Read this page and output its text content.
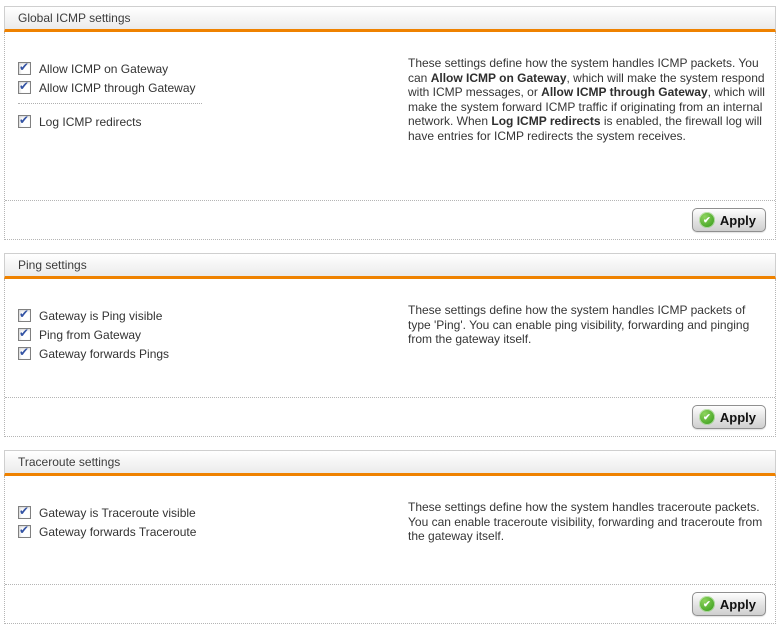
Global ICMP settings
✔ Allow ICMP on Gateway
✔ Allow ICMP through Gateway
✔ Log ICMP redirects
These settings define how the system handles ICMP packets. You can Allow ICMP on Gateway, which will make the system respond with ICMP messages, or Allow ICMP through Gateway, which will make the system forward ICMP traffic if originating from an internal network. When Log ICMP redirects is enabled, the firewall log will have entries for ICMP redirects the system receives.
✔ Apply
Ping settings
✔ Gateway is Ping visible
✔ Ping from Gateway
✔ Gateway forwards Pings
These settings define how the system handles ICMP packets of type 'Ping'. You can enable ping visibility, forwarding and pinging from the gateway itself.
✔ Apply
Traceroute settings
✔ Gateway is Traceroute visible
✔ Gateway forwards Traceroute
These settings define how the system handles traceroute packets. You can enable traceroute visibility, forwarding and traceroute from the gateway itself.
✔ Apply
